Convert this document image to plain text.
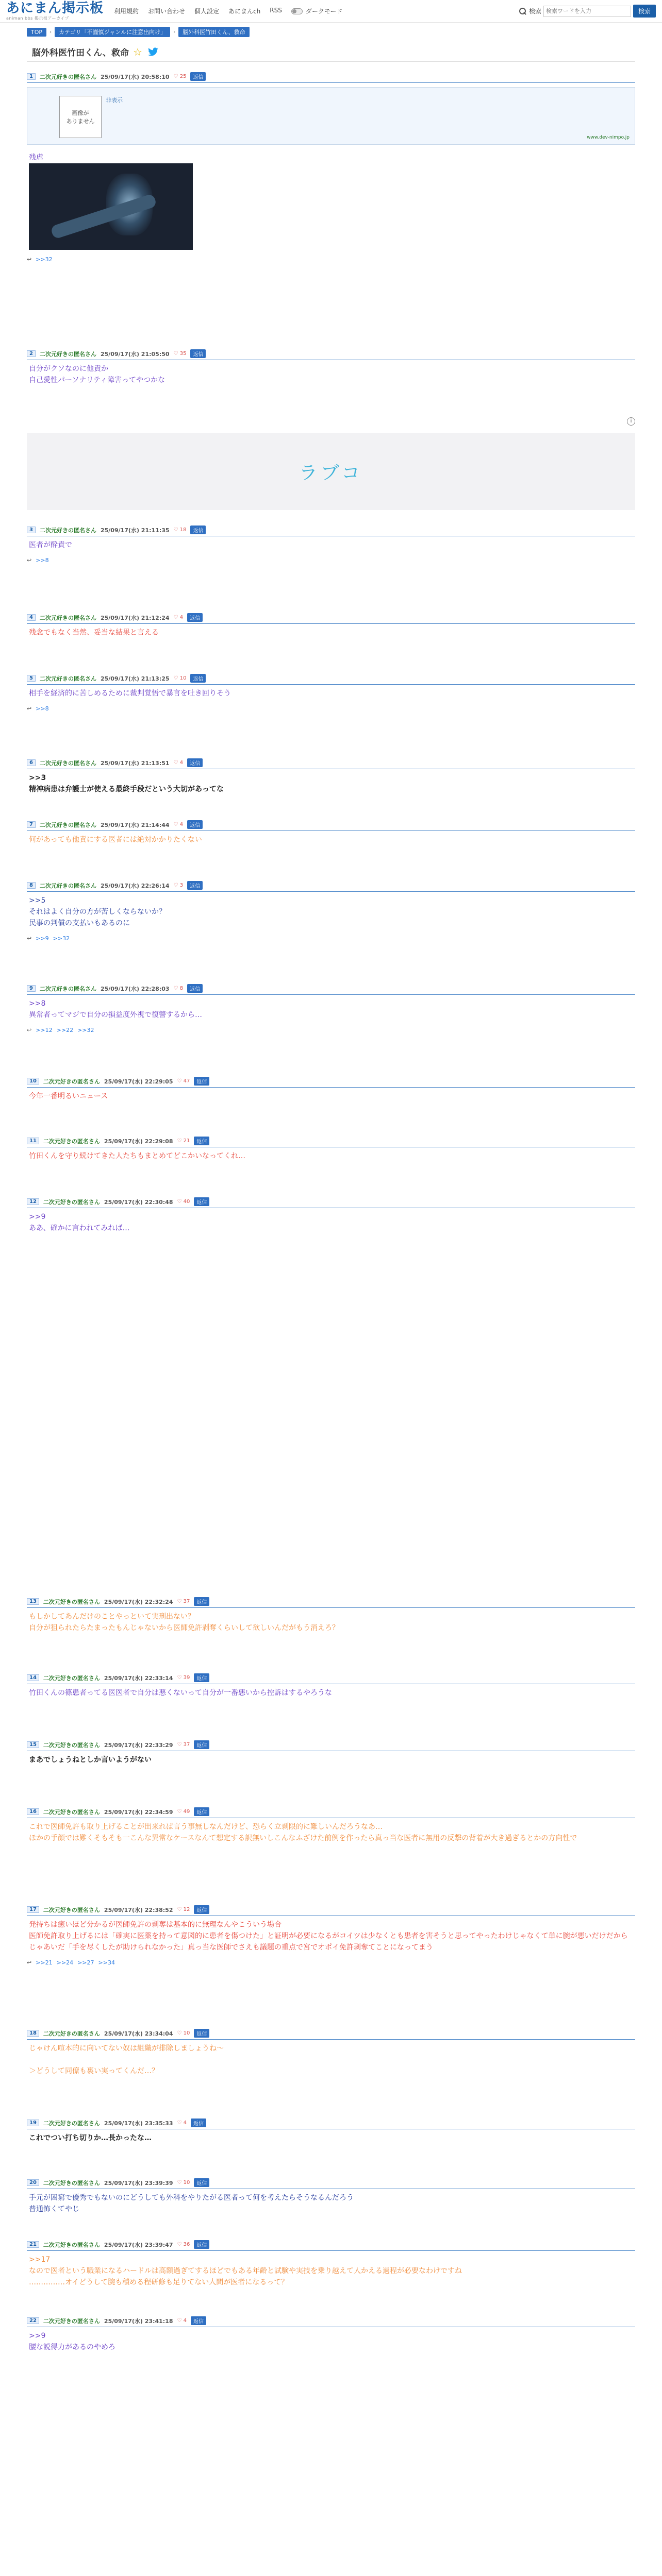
あにまん掲示板
animan bbs 掲示板アーカイブ
利用規約 お問い合わせ 個人設定 あにまんch RSS	ダークモード	検索
検索ワードを入力	検索
TOP	›	カテゴリ「不謹慎ジャンルに注意出向け」	›	脳外科医竹田くん、救命
脳外科医竹田くん、救命 ☆
1	二次元好きの匿名さん 25/09/17(水) 20:58:10 ♡ 25	返信
画像が
ありません
非表示
www.dev-nimpo.jp
残虐
↩ >>32
2	二次元好きの匿名さん 25/09/17(水) 21:05:50 ♡ 35	返信
自分がクソなのに他責か
自己愛性パーソナリティ障害ってやつかな
3	二次元好きの匿名さん 25/09/17(水) 21:11:35 ♡ 18	返信
医者が酔責で
↩ >>8
4	二次元好きの匿名さん 25/09/17(水) 21:12:24 ♡ 4	返信
残念でもなく当然、妥当な結果と言える
5	二次元好きの匿名さん 25/09/17(水) 21:13:25 ♡ 10	返信
相手を経済的に苦しめるために裁判覚悟で暴言を吐き回りそう
↩ >>8
6	二次元好きの匿名さん 25/09/17(水) 21:13:51 ♡ 4	返信
>>3
精神病患は弁護士が使える最終手段だという大切があってな
7	二次元好きの匿名さん 25/09/17(水) 21:14:44 ♡ 4	返信
何があっても他責にする医者には絶対かかりたくない
8	二次元好きの匿名さん 25/09/17(水) 22:26:14 ♡ 3	返信
>>5
それはよく自分の方が苦しくならないか？
民事の判償の支払いもあるのに
↩ >>9 >>32
9	二次元好きの匿名さん 25/09/17(水) 22:28:03 ♡ 8	返信
>>8
異常者ってマジで自分の損益度外視で復讐するから…
↩ >>12 >>22 >>32
10	二次元好きの匿名さん 25/09/17(水) 22:29:05 ♡ 47	返信
今年一番明るいニュース
11	二次元好きの匿名さん 25/09/17(水) 22:29:08 ♡ 21	返信
竹田くんを守り続けてきた人たちもまとめてどこかいなってくれ…
12	二次元好きの匿名さん 25/09/17(水) 22:30:48 ♡ 40	返信
>>9
ああ、確かに言われてみれば…
13	二次元好きの匿名さん 25/09/17(水) 22:32:24 ♡ 37	返信
もしかしてあんだけのことやっといて実刑出ない？
自分が狙られたらたまったもんじゃないから医師免許剥奪くらいして欲しいんだがもう消えろ？
14	二次元好きの匿名さん 25/09/17(水) 22:33:14 ♡ 39	返信
竹田くんの篠患者ってる医医者で自分は悪くないって自分が一番悪いから控訴はするやろうな
15	二次元好きの匿名さん 25/09/17(水) 22:33:29 ♡ 37	返信
まあでしょうねとしか言いようがない
16	二次元好きの匿名さん 25/09/17(水) 22:34:59 ♡ 49	返信
これで医師免許も取り上げることが出来れば言う事無しなんだけど、恐らく立剥限的に難しいんだろうなあ…
ほかの手顔では難くそもそも一こんな異常なケースなんて想定する訳無いしこんなふざけた前例を作ったら真っ当な医者に無用の反撃の背着が大き過ぎるとかの方向性で
17	二次元好きの匿名さん 25/09/17(水) 22:38:52 ♡ 12	返信
発持ちは癒いほど分かるが医師免許の剥奪は基本的に無理なんやこういう場合
医師免許取り上げるには「確実に医薬を持って意図的に患者を傷つけた」と証明が必要になるがコイツは少なくとも患者を害そうと思ってやったわけじゃなくて単に腕が悪いだけだから
じゃあいだ「手を尽くしたが助けられなかった」真っ当な医師でさえも議題の重点で宮でオポイ免許剥奪てことになってまう
↩ >>21 >>24 >>27 >>34
18	二次元好きの匿名さん 25/09/17(水) 23:34:04 ♡ 10	返信
じゃけん喧本的に向いてない奴は組織が排除しましょうね～
＞どうして同僚も裏い実ってくんだ…？
19	二次元好きの匿名さん 25/09/17(水) 23:35:33 ♡ 4	返信
これでつい打ち切りか…長かったな…
20	二次元好きの匿名さん 25/09/17(水) 23:39:39 ♡ 10	返信
手元が困窮で優秀でもないのにどうしても外科をやりたがる医者って何を考えたらそうなるんだろう
普通怖くてやじ
21	二次元好きの匿名さん 25/09/17(水) 23:39:47 ♡ 36	返信
>>17
なので医者という職業になるハードルは高額過ぎてするほどでもある年齢と試験や実技を乗り越えて人かえる過程が必要なわけですね
……………オイどうして腕も積める程研修も足りてない人間が医者になるって？
22	二次元好きの匿名さん 25/09/17(水) 23:41:18 ♡ 4	返信
>>9
腰な説得力があるのやめろ
ラブコ
i
